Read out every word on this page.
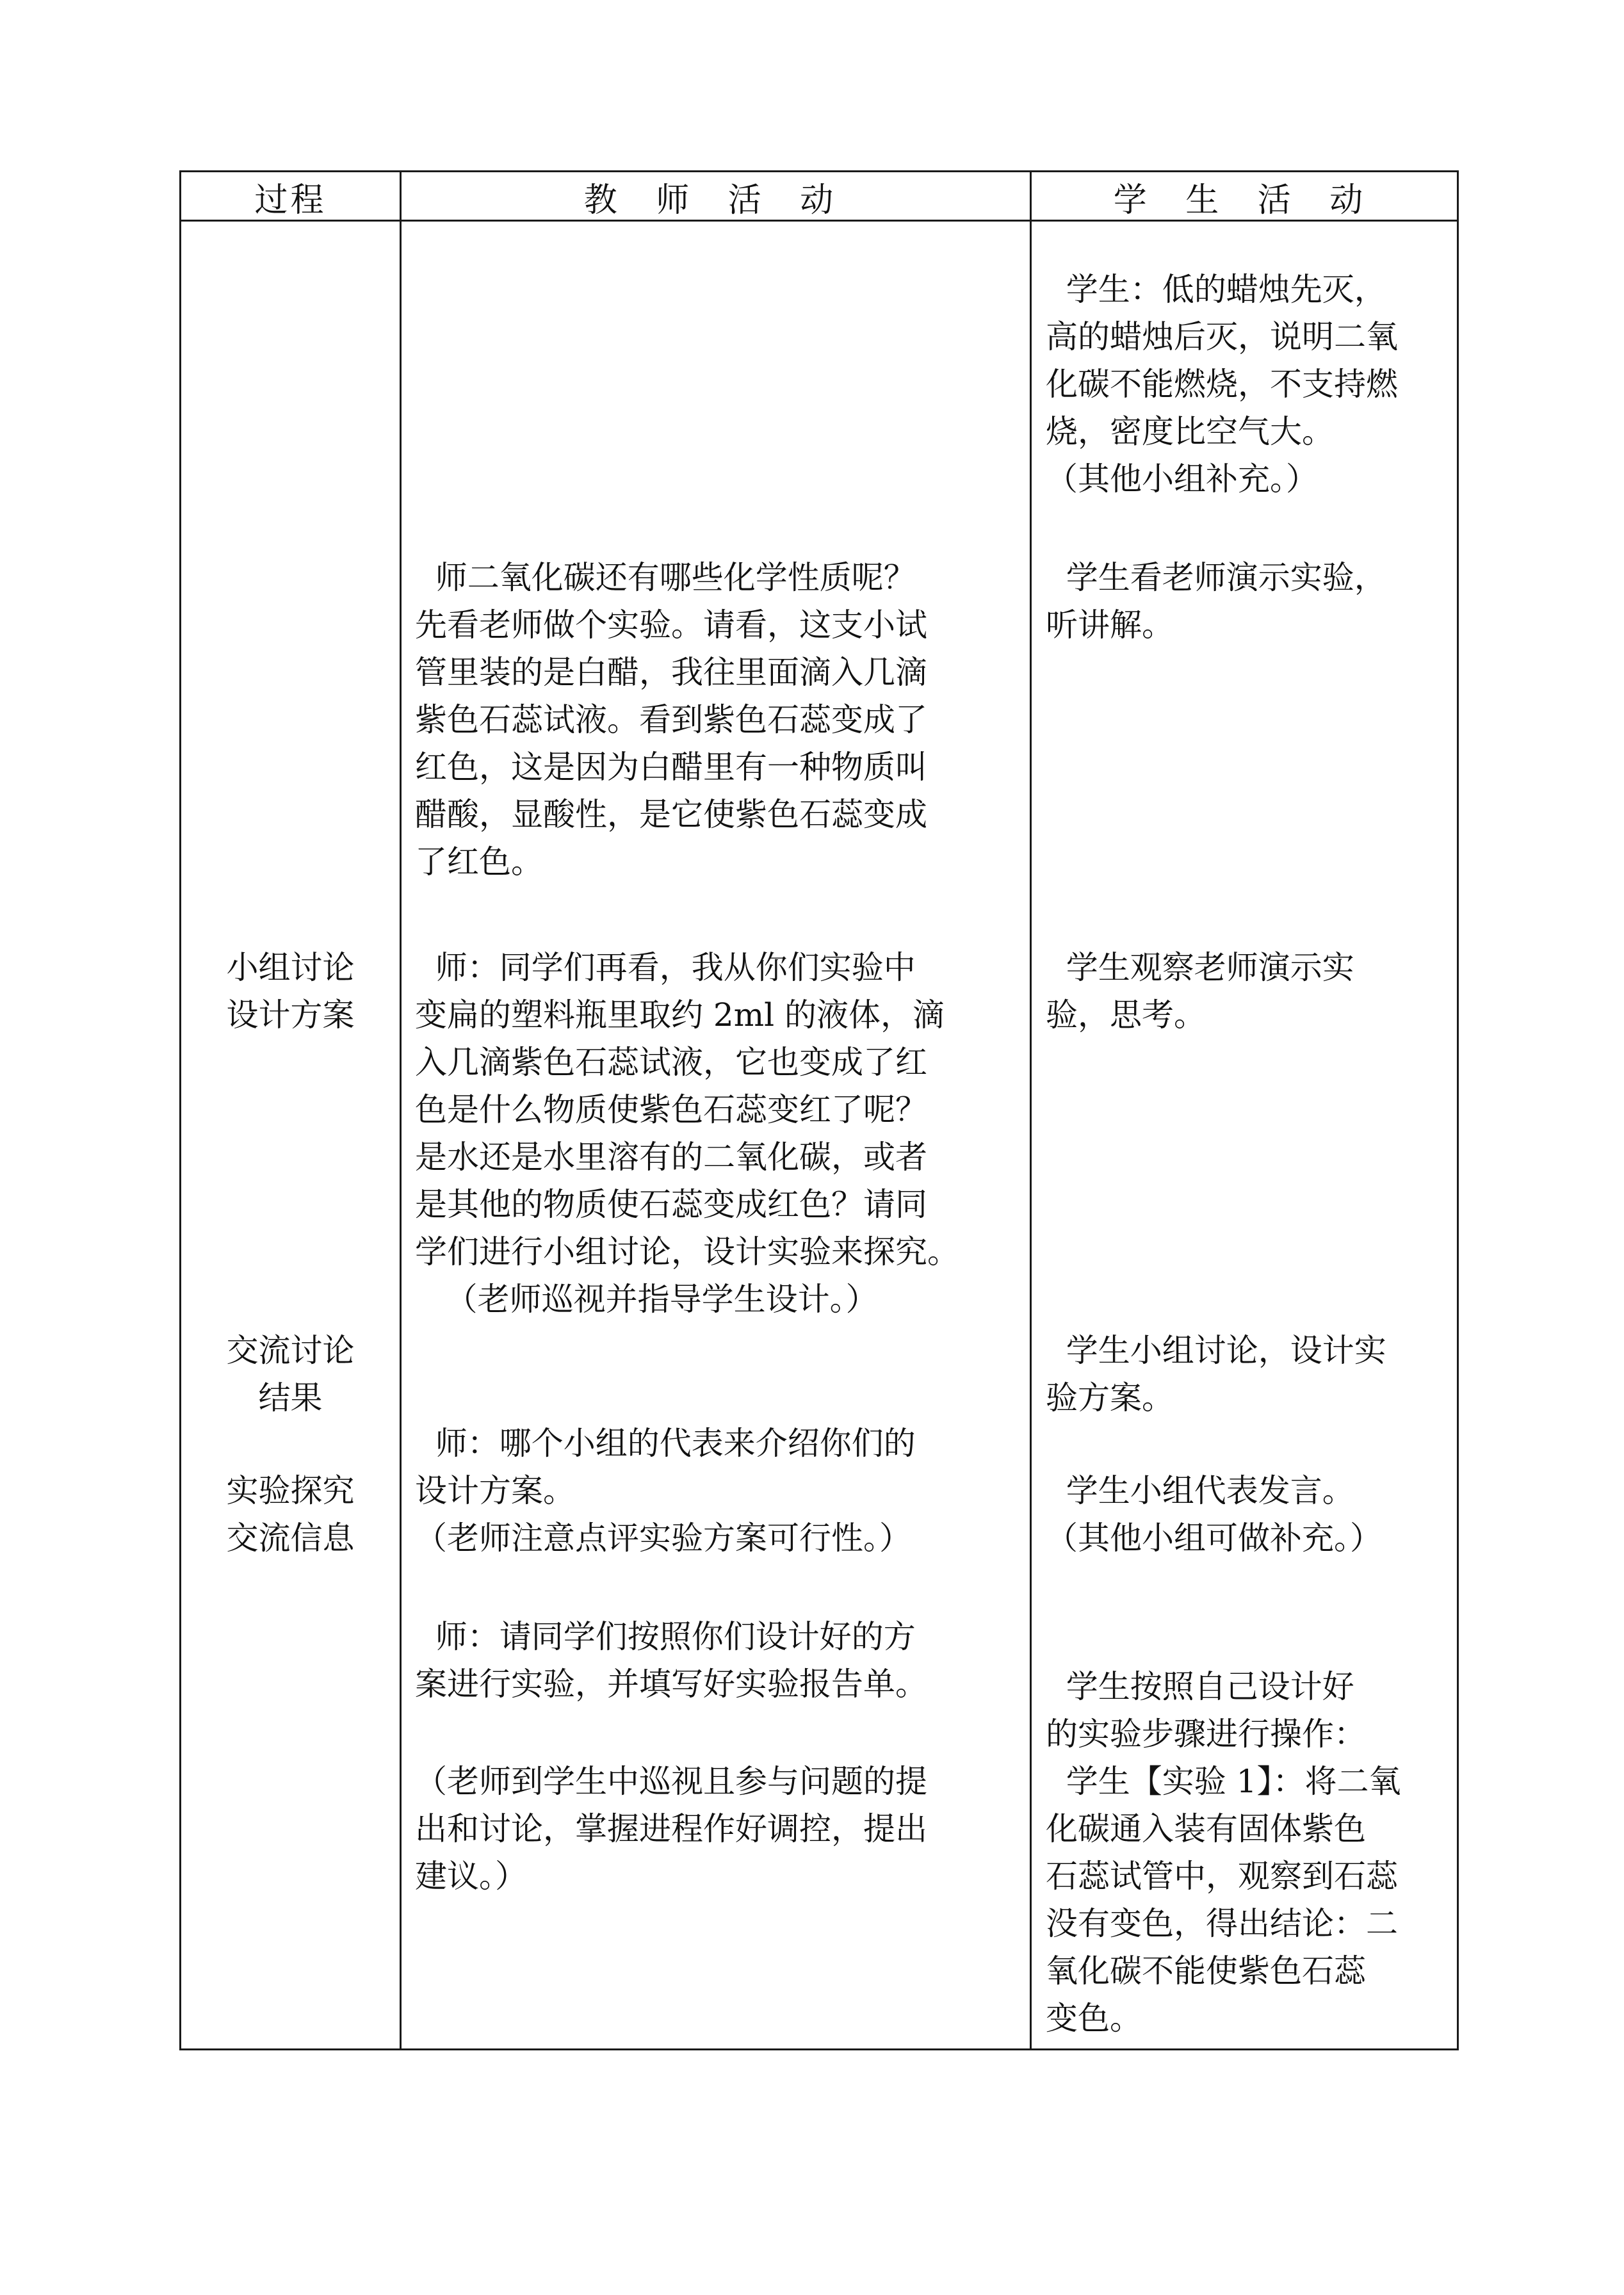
过程	教 师 活 动	学 生 活 动
小组讨论
设计方案
交流讨论
结果
实验探究
交流信息
师二氧化碳还有哪些化学性质呢？
先看老师做个实验。请看，这支小试
管里装的是白醋，我往里面滴入几滴
紫色石蕊试液。看到紫色石蕊变成了
红色，这是因为白醋里有一种物质叫
醋酸，显酸性，是它使紫色石蕊变成
了红色。
师：同学们再看，我从你们实验中
变扁的塑料瓶里取约 2ml 的液体，滴
入几滴紫色石蕊试液，它也变成了红
色是什么物质使紫色石蕊变红了呢？
是水还是水里溶有的二氧化碳，或者
是其他的物质使石蕊变成红色？请同
学们进行小组讨论，设计实验来探究。
（老师巡视并指导学生设计。）
师：哪个小组的代表来介绍你们的
设计方案。
（老师注意点评实验方案可行性。）
师：请同学们按照你们设计好的方
案进行实验，并填写好实验报告单。
（老师到学生中巡视且参与问题的提
出和讨论，掌握进程作好调控，提出
建议。）
学生：低的蜡烛先灭，
高的蜡烛后灭，说明二氧
化碳不能燃烧，不支持燃
烧，密度比空气大。
（其他小组补充。）
学生看老师演示实验，
听讲解。
学生观察老师演示实
验，思考。
学生小组讨论，设计实
验方案。
学生小组代表发言。
（其他小组可做补充。）
学生按照自己设计好
的实验步骤进行操作：
学生【实验 1】：将二氧
化碳通入装有固体紫色
石蕊试管中，观察到石蕊
没有变色，得出结论：二
氧化碳不能使紫色石蕊
变色。
